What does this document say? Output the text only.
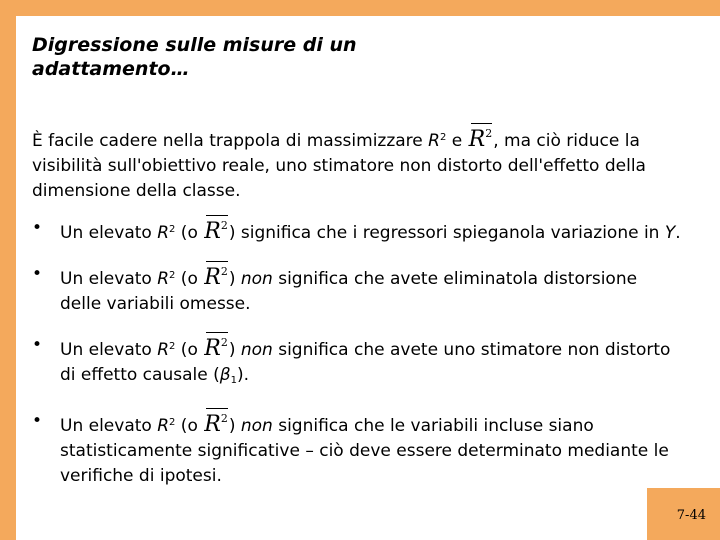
Digressione sulle misure di un
adattamento…

È facile cadere nella trappola di massimizzare $R^2$ e $R^2$, ma ciò riduce la visibilità sull'obiettivo reale, uno stimatore non distorto dell'effetto della dimensione della classe.

• Un elevato $R^2$ (o $R^2$) significa che i regressori spieganola variazione in Y.
• Un elevato $R^2$ (o $R^2$) non significa che avete eliminatola distorsione delle variabili omesse.
• Un elevato $R^2$ (o $R^2$) non significa che avete uno stimatore non distorto di effetto causale $(\beta_1)$.
• Un elevato $R^2$ (o $R^2$) non significa che le variabili incluse siano statisticamente significative – ciò deve essere determinato mediante le verifiche di ipotesi.
7-44
